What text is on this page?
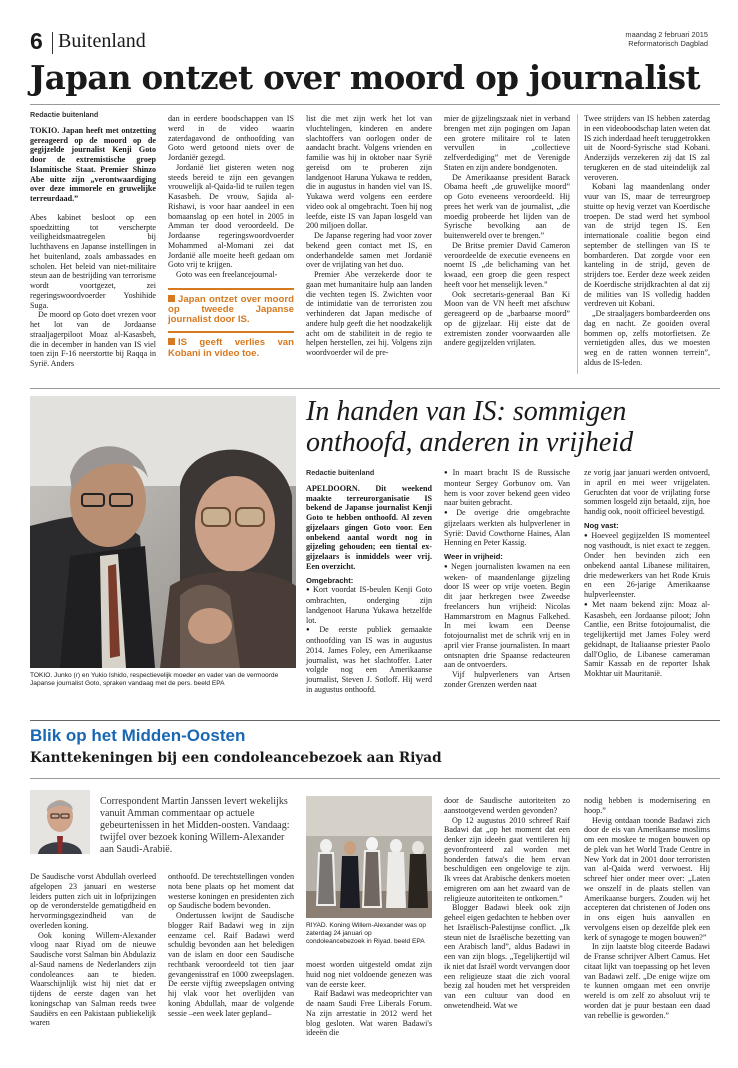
6 Buitenland	maandag 2 februari 2015
Reformatorisch Dagblad
Japan ontzet over moord op journalist
Redactie buitenland

TOKIO. Japan heeft met ontzetting gereageerd op de moord op de gegijzelde journalist Kenji Goto door de extremistische groep Islamitische Staat. Premier Shinzo Abe uitte zijn „verontwaardiging over deze immorele en gruwelijke terreurdaad.”

Abes kabinet besloot op een spoedzitting tot verscherpte veiligheidsmaatregelen bij luchthavens en Japanse instellingen in het buitenland, zoals ambassades en scholen. Het beleid van niet-militaire steun aan de bestrijding van terrorisme wordt voortgezet, zei regeringswoordvoerder Yoshihide Suga.

De moord op Goto doet vrezen voor het lot van de Jordaanse straaljagerpiloot Moaz al-Kasasbeh, die in december in handen van IS viel toen zijn F-16 neerstortte bij Raqqa in Syrië. Anders

dan in eerdere boodschappen van IS werd in de video waarin zaterdagavond de onthoofding van Goto werd getoond niets over de Jordaniër gezegd.

Jordanië liet gisteren weten nog steeds bereid te zijn een gevangen vrouwelijk al-Qaida-lid te ruilen tegen Kasasbeh. De vrouw, Sajida al-Rishawi, is voor haar aandeel in een bomaanslag op een hotel in 2005 in Amman ter dood veroordeeld. De Jordaanse regeringswoordvoerder Mohammed al-Momani zei dat Jordanië alle moeite heeft gedaan om Goto vrij te krijgen.

Goto was een freelancejournal-

Japan ontzet over moord op tweede Japanse journalist door IS.
IS geeft verlies van Kobani in video toe.

list die met zijn werk het lot van vluchtelingen, kinderen en andere slachtoffers van oorlogen onder de aandacht bracht. Volgens vrienden en familie was hij in oktober naar Syrië gereisd om te proberen zijn landgenoot Haruna Yukawa te redden, die in augustus in handen viel van IS. Yukawa werd volgens een eerdere video ook al omgebracht. Toen hij nog leefde, eiste IS van Japan losgeld van 200 miljoen dollar.

De Japanse regering had voor zover bekend geen contact met IS, en onderhandelde samen met Jordanië over de vrijlating van het duo.

Premier Abe verzekerde door te gaan met humanitaire hulp aan landen die vechten tegen IS. Zwichten voor de intimidatie van de terroristen zou verhinderen dat Japan medische of andere hulp geeft die het noodzakelijk acht om de stabiliteit in de regio te helpen herstellen, zei hij. Volgens zijn woordvoerder wil de pre-

mier de gijzelingszaak niet in verband brengen met zijn pogingen om Japan een grotere militaire rol te laten vervullen in „collectieve zelfverdediging” met de Verenigde Staten en zijn andere bondgenoten.

De Amerikaanse president Barack Obama heeft „de gruwelijke moord” op Goto eveneens veroordeeld. Hij prees het werk van de journalist, „die moedig probeerde het lijden van de Syrische bevolking aan de buitenwereld over te brengen.”

De Britse premier David Cameron veroordeelde de executie eveneens en noemt IS „de belichaming van het kwaad, een groep die geen respect heeft voor het menselijk leven.”

Ook secretaris-generaal Ban Ki Moon van de VN heeft met afschuw gereageerd op de „barbaarse moord” op de gijzelaar. Hij eiste dat de extremisten zonder voorwaarden alle andere gegijzelden vrijlaten.

Twee strijders van IS hebben zaterdag in een videoboodschap laten weten dat IS zich inderdaad heeft teruggetrokken uit de Noord-Syrische stad Kobani. Anderzijds verzekeren zij dat IS zal terugkeren en de stad uiteindelijk zal veroveren.

Kobani lag maandenlang onder vuur van IS, maar de terreurgroep stuitte op hevig verzet van Koerdische troepen. De stad werd het symbool van de strijd tegen IS. Een internationale coalitie begon eind september de stellingen van IS te bombarderen. Dat zorgde voor een kanteling in de strijd, geven de strijders toe. Eerder deze week zeiden de Koerdische strijdkrachten al dat zij de milities van IS volledig hadden verdreven uit Kobani.

„De straaljagers bombardeerden ons dag en nacht. Ze gooiden overal bommen op, zelfs motorfietsen. Ze vernietigden alles, dus we moesten weg en de ratten wonnen terrein”, aldus de IS-leden.

TOKIO. Junko (r) en Yukio Ishido, respectievelijk moeder en vader van de vermoorde Japanse journalist Goto, spraken vandaag met de pers. beeld EPA
In handen van IS: sommigen onthoofd, anderen in vrijheid
Redactie buitenland

APELDOORN. Dit weekend maakte terreurorganisatie IS bekend de Japanse journalist Kenji Goto te hebben onthoofd. Al zeven gijzelaars gingen Goto voor. Een onbekend aantal wordt nog in gijzeling gehouden; een tiental ex-gijzelaars is inmiddels weer vrij. Een overzicht.

Omgebracht:

● Kort voordat IS-beulen Kenji Goto ombrachten, onderging zijn landgenoot Haruna Yukawa hetzelfde lot.

● De eerste publiek gemaakte onthoofding van IS was in augustus 2014. James Foley, een Amerikaanse journalist, was het slachtoffer. Later volgde nog een Amerikaanse journalist, Steven J. Sotloff. Hij werd in augustus onthoofd.

● In maart bracht IS de Russische monteur Sergey Gorbunov om. Van hem is voor zover bekend geen video naar buiten gebracht.

● De overige drie omgebrachte gijzelaars werkten als hulpverlener in Syrië: David Cowthorne Haines, Alan Henning en Peter Kassig.

Weer in vrijheid:

● Negen journalisten kwamen na een weken- of maandenlange gijzeling door IS weer op vrije voeten. Begin dit jaar herkregen twee Zweedse freelancers hun vrijheid: Nicolas Hammarstrom en Magnus Falkehed. In mei kwam een Deense fotojournalist met de schrik vrij en in april vier Franse journalisten. In maart ontsnapten drie Spaanse redacteuren aan de ontvoerders.

Vijf hulpverleners van Artsen zonder Grenzen werden naat

ze vorig jaar januari werden ontvoerd, in april en mei weer vrijgelaten. Geruchten dat voor de vrijlating forse sommen losgeld zijn betaald, zijn, hoe handig ook, nooit officieel bevestigd.

Nog vast:

● Hoeveel gegijzelden IS momenteel nog vasthoudt, is niet exact te zeggen. Onder hen bevinden zich een onbekend aantal Libanese militairen, drie medewerkers van het Rode Kruis en een 26-jarige Amerikaanse hulpverleenster.

● Met naam bekend zijn: Moaz al-Kasasbeh, een Jordaanse piloot; John Cantlie, een Britse fotojournalist, die tegelijkertijd met James Foley werd gekidnapt, de Italiaanse priester Paolo dall'Oglio, de Libanese cameraman Samir Kassab en de reporter Ishak Mokhtar uit Mauritanië.

Blik op het Midden-Oosten
Kanttekeningen bij een condoleancebezoek aan Riyad
Correspondent Martin Janssen levert wekelijks vanuit Amman commentaar op actuele gebeurtenissen in het Midden-oosten. Vandaag: twijfel over bezoek koning Willem-Alexander aan Saudi-Arabië.

De Saudische vorst Abdullah overleed afgelopen 23 januari en westerse leiders putten zich uit in lofprijzingen op de veronderstelde gematigdheid en hervormingsgezindheid van de overleden koning.

Ook koning Willem-Alexander vloog naar Riyad om de nieuwe Saudische vorst Salman bin Abdulaziz al-Saud namens de Nederlanders zijn condoleances aan te bieden. Waarschijnlijk wist hij niet dat er tijdens de eerste dagen van het koningschap van Salman reeds twee Saudiërs en een Pakistaan publiekelijk waren

onthoofd. De terechtstellingen vonden nota bene plaats op het moment dat westerse koningen en presidenten zich op Saudische bodem bevonden.

Ondertussen kwijnt de Saudische blogger Raif Badawi weg in zijn eenzame cel. Raif Badawi werd schuldig bevonden aan het beledigen van de islam en door een Saudische rechtbank veroordeeld tot tien jaar gevangenisstraf en 1000 zweepslagen. De eerste vijftig zweepslagen ontving hij vlak voor het overlijden van koning Abdullah, maar de volgende sessie –een week later gepland–

RIYAD. Koning Willem-Alexander was op zaterdag 24 januari op condoleancebezoek in Riyad. beeld EPA

moest worden uitgesteld omdat zijn huid nog niet voldoende genezen was van de eerste keer.

Raif Badawi was medeoprichter van de naam Saudi Free Liberals Forum. Na zijn arrestatie in 2012 werd het blog gesloten. Wat waren Badawi's ideeën die

door de Saudische autoriteiten zo aanstootgevend werden gevonden?

Op 12 augustus 2010 schreef Raif Badawi dat „op het moment dat een denker zijn ideeën gaat ventileren hij gevonfronteerd zal worden met honderden fatwa's die hem ervan beschuldigen een ongelovige te zijn. Ik vrees dat Arabische denkers moeten emigreren om aan het zwaard van de religieuze autoriteiten te ontkomen.”

Blogger Badawi bleek ook zijn geheel eigen gedachten te hebben over het Israëlisch-Palestijnse conflict. „Ik steun niet de Israëlische bezetting van een Arabisch land”, aldus Badawi in een van zijn blogs. „Tegelijkertijd wil ik niet dat Israël wordt vervangen door een religieuze staat die zich vooral bezig zal houden met het verspreiden van een cultuur van dood en onwetendheid. Wat we

nodig hebben is modernisering en hoop.”

Hevig ontdaan toonde Badawi zich door de eis van Amerikaanse moslims om een moskee te mogen bouwen op de plek van het World Trade Centre in New York dat in 2001 door terroristen van al-Qaida werd verwoest. Hij schreef hier onder meer over: „Laten we onszelf in de plaats stellen van Amerikaanse burgers. Zouden wij het accepteren dat christenen of Joden ons in ons eigen huis aanvallen en vervolgens eisen op dezelfde plek een kerk of synagoge te mogen bouwen?”

In zijn laatste blog citeerde Badawi de Franse schrijver Albert Camus. Het citaat lijkt van toepassing op het leven van Badawi zelf. „De enige wijze om te kunnen omgaan met een onvrije wereld is om zelf zo absoluut vrij te worden dat je puur bestaan een daad van rebellie is geworden.”
